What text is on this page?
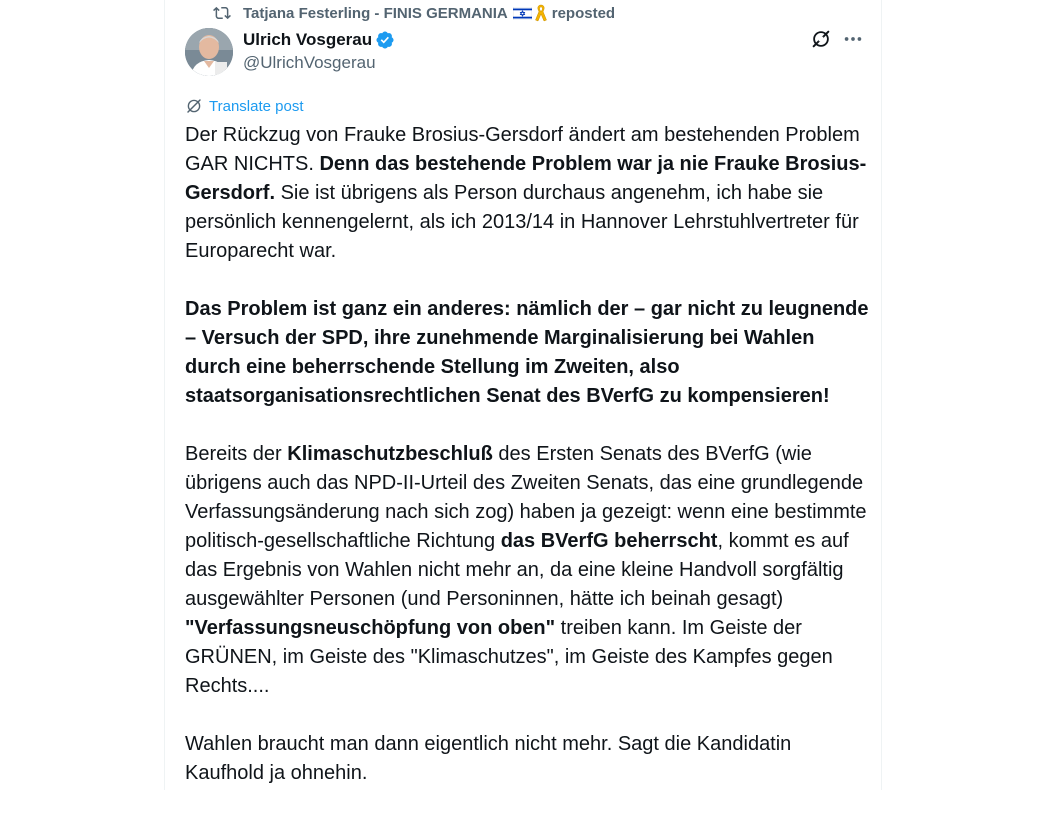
Tatjana Festerling - FINIS GERMANIA	reposted
Ulrich Vosgerau
@UlrichVosgerau
Translate post

Der Rückzug von Frauke Brosius-Gersdorf ändert am bestehenden Problem GAR NICHTS. Denn das bestehende Problem war ja nie Frauke Brosius-Gersdorf. Sie ist übrigens als Person durchaus angenehm, ich habe sie persönlich kennengelernt, als ich 2013/14 in Hannover Lehrstuhlvertreter für Europarecht war.

Das Problem ist ganz ein anderes: nämlich der – gar nicht zu leugnende – Versuch der SPD, ihre zunehmende Marginalisierung bei Wahlen durch eine beherrschende Stellung im Zweiten, also staatsorganisationsrechtlichen Senat des BVerfG zu kompensieren!

Bereits der Klimaschutzbeschluß des Ersten Senats des BVerfG (wie übrigens auch das NPD-II-Urteil des Zweiten Senats, das eine grundlegende Verfassungsänderung nach sich zog) haben ja gezeigt: wenn eine bestimmte politisch-gesellschaftliche Richtung das BVerfG beherrscht, kommt es auf das Ergebnis von Wahlen nicht mehr an, da eine kleine Handvoll sorgfältig ausgewählter Personen (und Personinnen, hätte ich beinah gesagt) "Verfassungsneuschöpfung von oben" treiben kann. Im Geiste der GRÜNEN, im Geiste des "Klimaschutzes", im Geiste des Kampfes gegen Rechts....

Wahlen braucht man dann eigentlich nicht mehr. Sagt die Kandidatin Kaufhold ja ohnehin.
